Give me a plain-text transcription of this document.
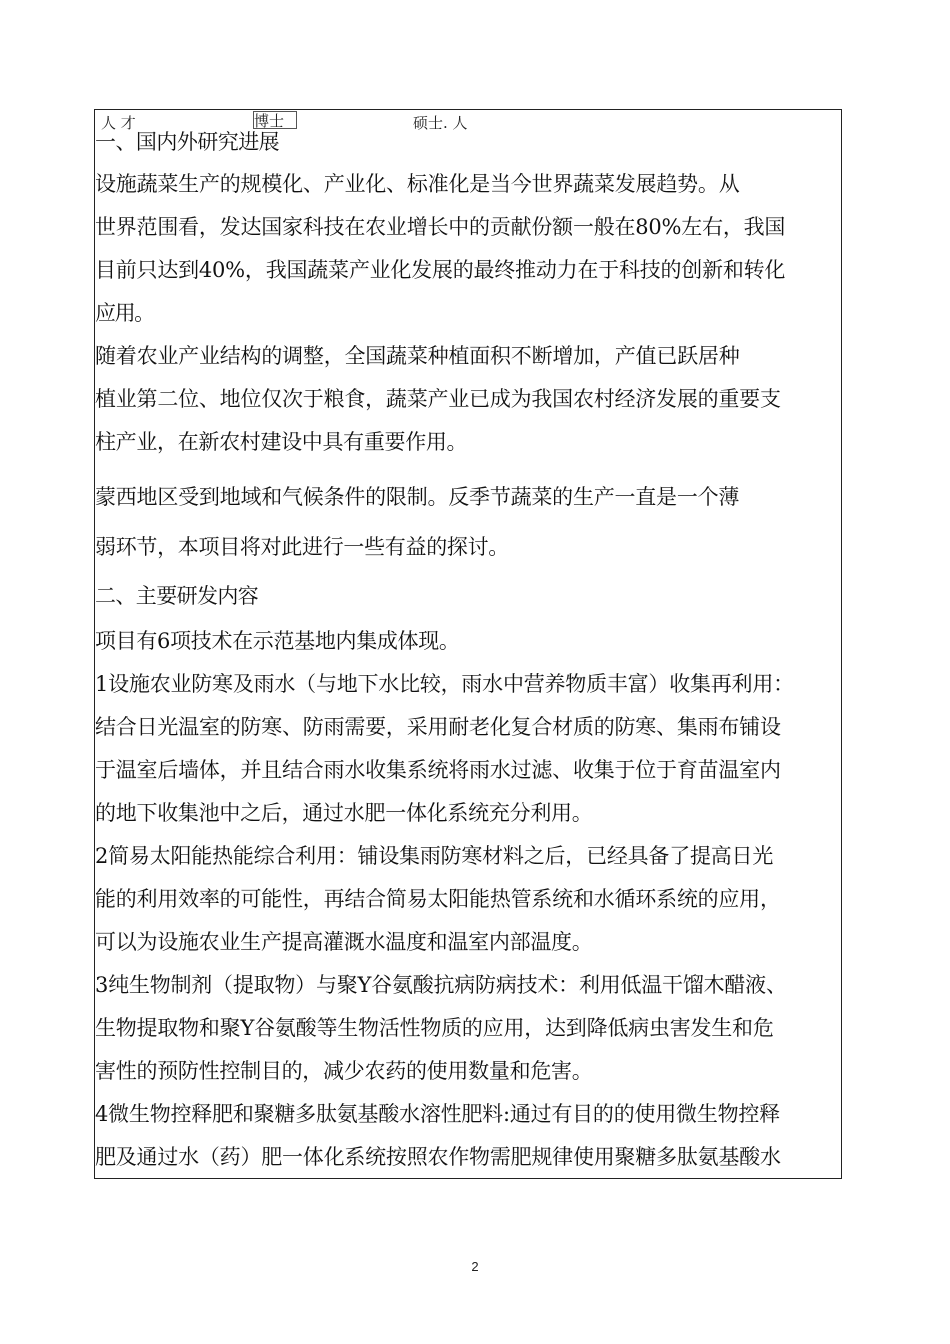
人 才	博士	硕士. 人
一、国内外研究进展
设施蔬菜生产的规模化、产业化、标准化是当今世界蔬菜发展趋势。从
世界范围看，发达国家科技在农业增长中的贡献份额一般在80%左右，我国
目前只达到40%，我国蔬菜产业化发展的最终推动力在于科技的创新和转化
应用。
随着农业产业结构的调整，全国蔬菜种植面积不断增加，产值已跃居种
植业第二位、地位仅次于粮食，蔬菜产业已成为我国农村经济发展的重要支
柱产业，在新农村建设中具有重要作用。
蒙西地区受到地域和气候条件的限制。反季节蔬菜的生产一直是一个薄
弱环节，本项目将对此进行一些有益的探讨。
二、主要研发内容
项目有6项技术在示范基地内集成体现。
1设施农业防寒及雨水（与地下水比较，雨水中营养物质丰富）收集再利用：
结合日光温室的防寒、防雨需要，采用耐老化复合材质的防寒、集雨布铺设
于温室后墙体，并且结合雨水收集系统将雨水过滤、收集于位于育苗温室内
的地下收集池中之后，通过水肥一体化系统充分利用。
2简易太阳能热能综合利用：铺设集雨防寒材料之后，已经具备了提高日光
能的利用效率的可能性，再结合简易太阳能热管系统和水循环系统的应用，
可以为设施农业生产提高灌溉水温度和温室内部温度。
3纯生物制剂（提取物）与聚Y谷氨酸抗病防病技术：利用低温干馏木醋液、
生物提取物和聚Y谷氨酸等生物活性物质的应用，达到降低病虫害发生和危
害性的预防性控制目的，减少农药的使用数量和危害。
4微生物控释肥和聚糖多肽氨基酸水溶性肥料:通过有目的的使用微生物控释
肥及通过水（药）肥一体化系统按照农作物需肥规律使用聚糖多肽氨基酸水
2
